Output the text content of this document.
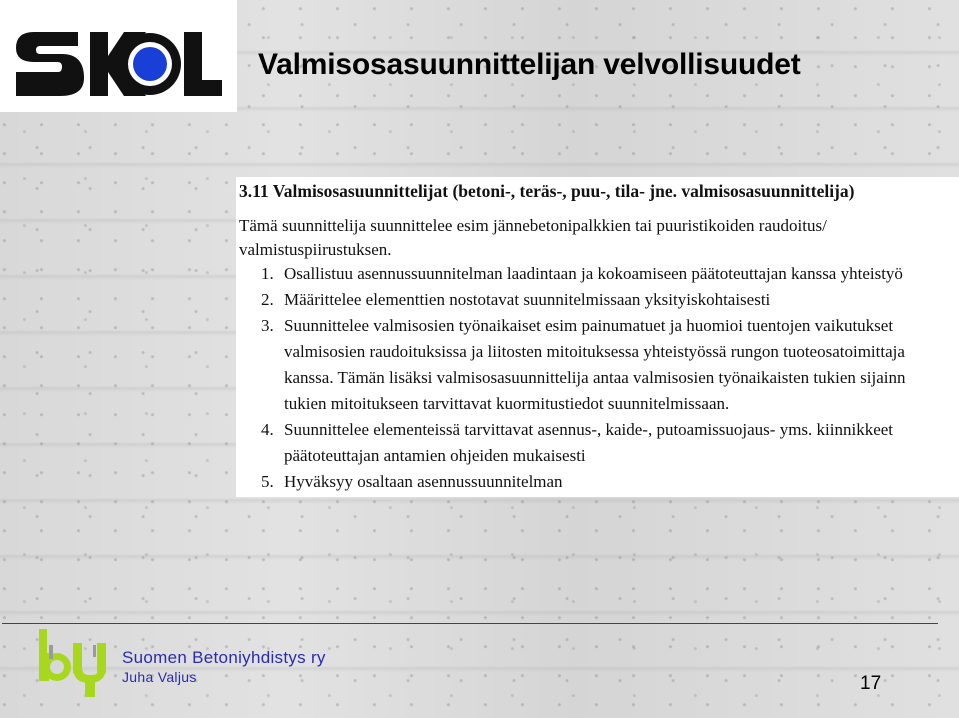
Valmisosasuunnittelijan velvollisuudet
3.11 Valmisosasuunnittelijat (betoni-, teräs-, puu-, tila- jne. valmisosasuunnittelija)
Tämä suunnittelija suunnittelee esim jännebetonipalkkien tai puuristikoiden raudoitus/
valmistuspiirustuksen.
1. Osallistuu asennussuunnitelman laadintaan ja kokoamiseen päätoteuttajan kanssa yhteistyö
2. Määrittelee elementtien nostotavat suunnitelmissaan yksityiskohtaisesti
3. Suunnittelee valmisosien työnaikaiset esim painumatuet ja huomioi tuentojen vaikutukset
valmisosien raudoituksissa ja liitosten mitoituksessa yhteistyössä rungon tuoteosatoimittaja
kanssa. Tämän lisäksi valmisosasuunnittelija antaa valmisosien työnaikaisten tukien sijainn
tukien mitoitukseen tarvittavat kuormitustiedot suunnitelmissaan.
4. Suunnittelee elementeissä tarvittavat asennus-, kaide-, putoamissuojaus- yms. kiinnikkeet
päätoteuttajan antamien ohjeiden mukaisesti
5. Hyväksyy osaltaan asennussuunnitelman
Suomen Betoniyhdistys ry
Juha Valjus	17
